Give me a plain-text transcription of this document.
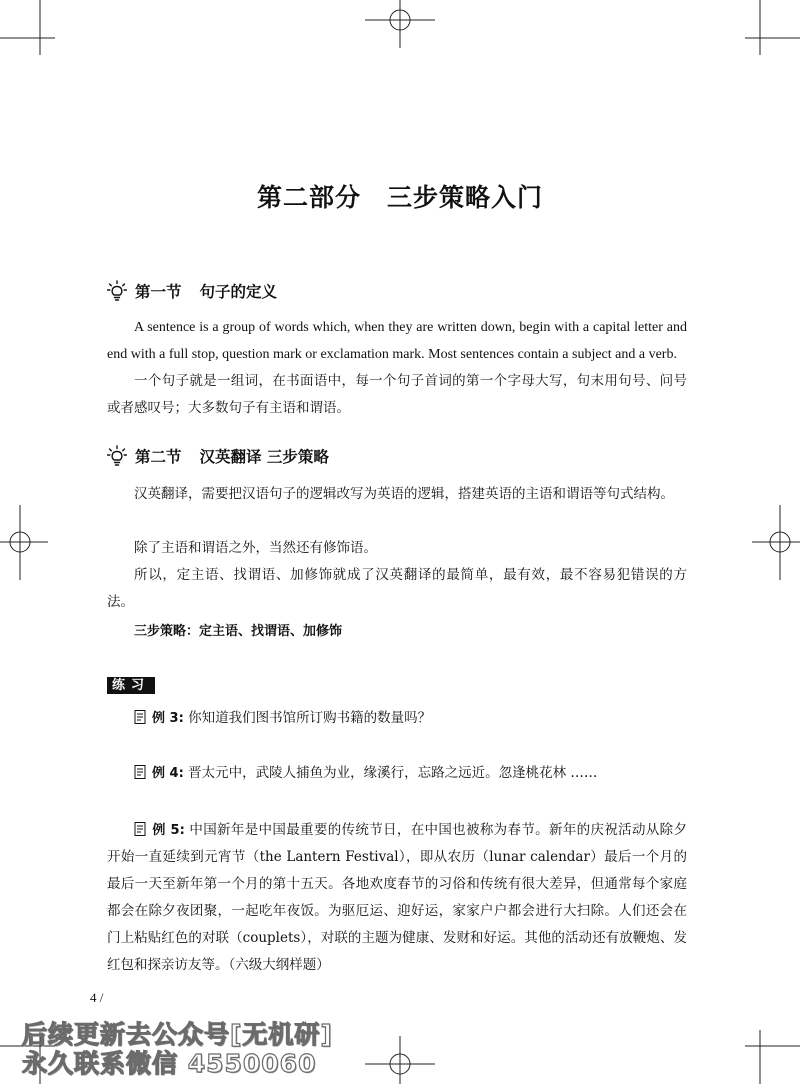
第二部分　三步策略入门
第一节 句子的定义

A sentence is a group of words which, when they are written down, begin with a capital letter and end with a full stop, question mark or exclamation mark. Most sentences contain a subject and a verb.

一个句子就是一组词，在书面语中，每一个句子首词的第一个字母大写，句末用句号、问号或者感叹号；大多数句子有主语和谓语。

第二节 汉英翻译 三步策略

汉英翻译，需要把汉语句子的逻辑改写为英语的逻辑，搭建英语的主语和谓语等句式结构。

除了主语和谓语之外，当然还有修饰语。

所以，定主语、找谓语、加修饰就成了汉英翻译的最简单，最有效，最不容易犯错误的方法。

三步策略：定主语、找谓语、加修饰
练习

例 3: 你知道我们图书馆所订购书籍的数量吗？

例 4: 晋太元中，武陵人捕鱼为业，缘溪行，忘路之远近。忽逢桃花林 ……

例 5: 中国新年是中国最重要的传统节日，在中国也被称为春节。新年的庆祝活动从除夕开始一直延续到元宵节（the Lantern Festival），即从农历（lunar calendar）最后一个月的最后一天至新年第一个月的第十五天。各地欢度春节的习俗和传统有很大差异，但通常每个家庭都会在除夕夜团聚，一起吃年夜饭。为驱厄运、迎好运，家家户户都会进行大扫除。人们还会在门上粘贴红色的对联（couplets），对联的主题为健康、发财和好运。其他的活动还有放鞭炮、发红包和探亲访友等。（六级大纲样题）

4 /
后续更新去公众号[无机研]
永久联系微信 4550060
